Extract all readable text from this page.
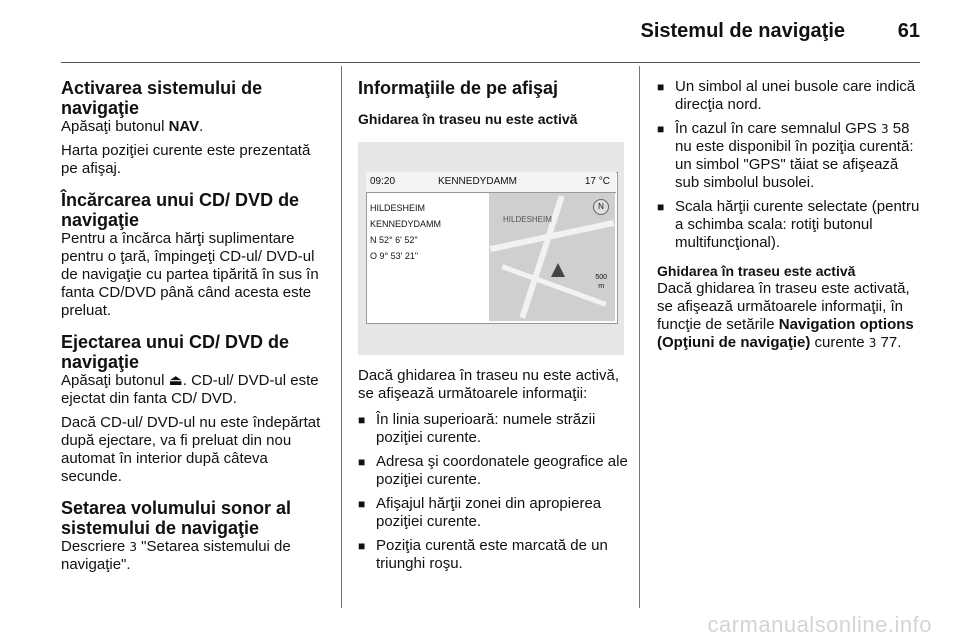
Sistemul de navigaţie	61
Activarea sistemului de navigaţie

Apăsaţi butonul NAV.

Harta poziţiei curente este prezentată pe afişaj.

Încărcarea unui CD/ DVD de navigaţie

Pentru a încărca hărţi suplimentare pentru o ţară, împingeţi CD-ul/ DVD-ul de navigaţie cu partea tipărită în sus în fanta CD/DVD până când acesta este preluat.

Ejectarea unui CD/ DVD de navigaţie

Apăsaţi butonul ⏏. CD-ul/ DVD-ul este ejectat din fanta CD/ DVD.

Dacă CD-ul/ DVD-ul nu este îndepărtat după ejectare, va fi preluat din nou automat în interior după câteva secunde.

Setarea volumului sonor al sistemului de navigaţie

Descriere 3 "Setarea sistemului de navigaţie".

Informaţiile de pe afişaj
Ghidarea în traseu nu este activă
09:20	KENNEDYDAMM	17 °C
HILDESHEIM
KENNEDYDAMM
N 52° 6' 52"
O 9° 53' 21"
HILDESHEIM
N
500
m

Dacă ghidarea în traseu nu este activă, se afişează următoarele informaţii:

■ În linia superioară: numele străzii poziţiei curente.
■ Adresa şi coordonatele geografice ale poziţiei curente.
■ Afişajul hărţii zonei din apropierea poziţiei curente.
■ Poziţia curentă este marcată de un triunghi roşu.
■ Un simbol al unei busole care indică direcţia nord.
■ În cazul în care semnalul GPS 3 58 nu este disponibil în poziţia curentă: un simbol "GPS" tăiat se afişează sub simbolul busolei.
■ Scala hărţii curente selectate (pentru a schimba scala: rotiţi butonul multifuncţional).
Ghidarea în traseu este activă

Dacă ghidarea în traseu este activată, se afişează următoarele informaţii, în funcţie de setările Navigation options (Opţiuni de navigaţie) curente 3 77.

carmanualsonline.info
